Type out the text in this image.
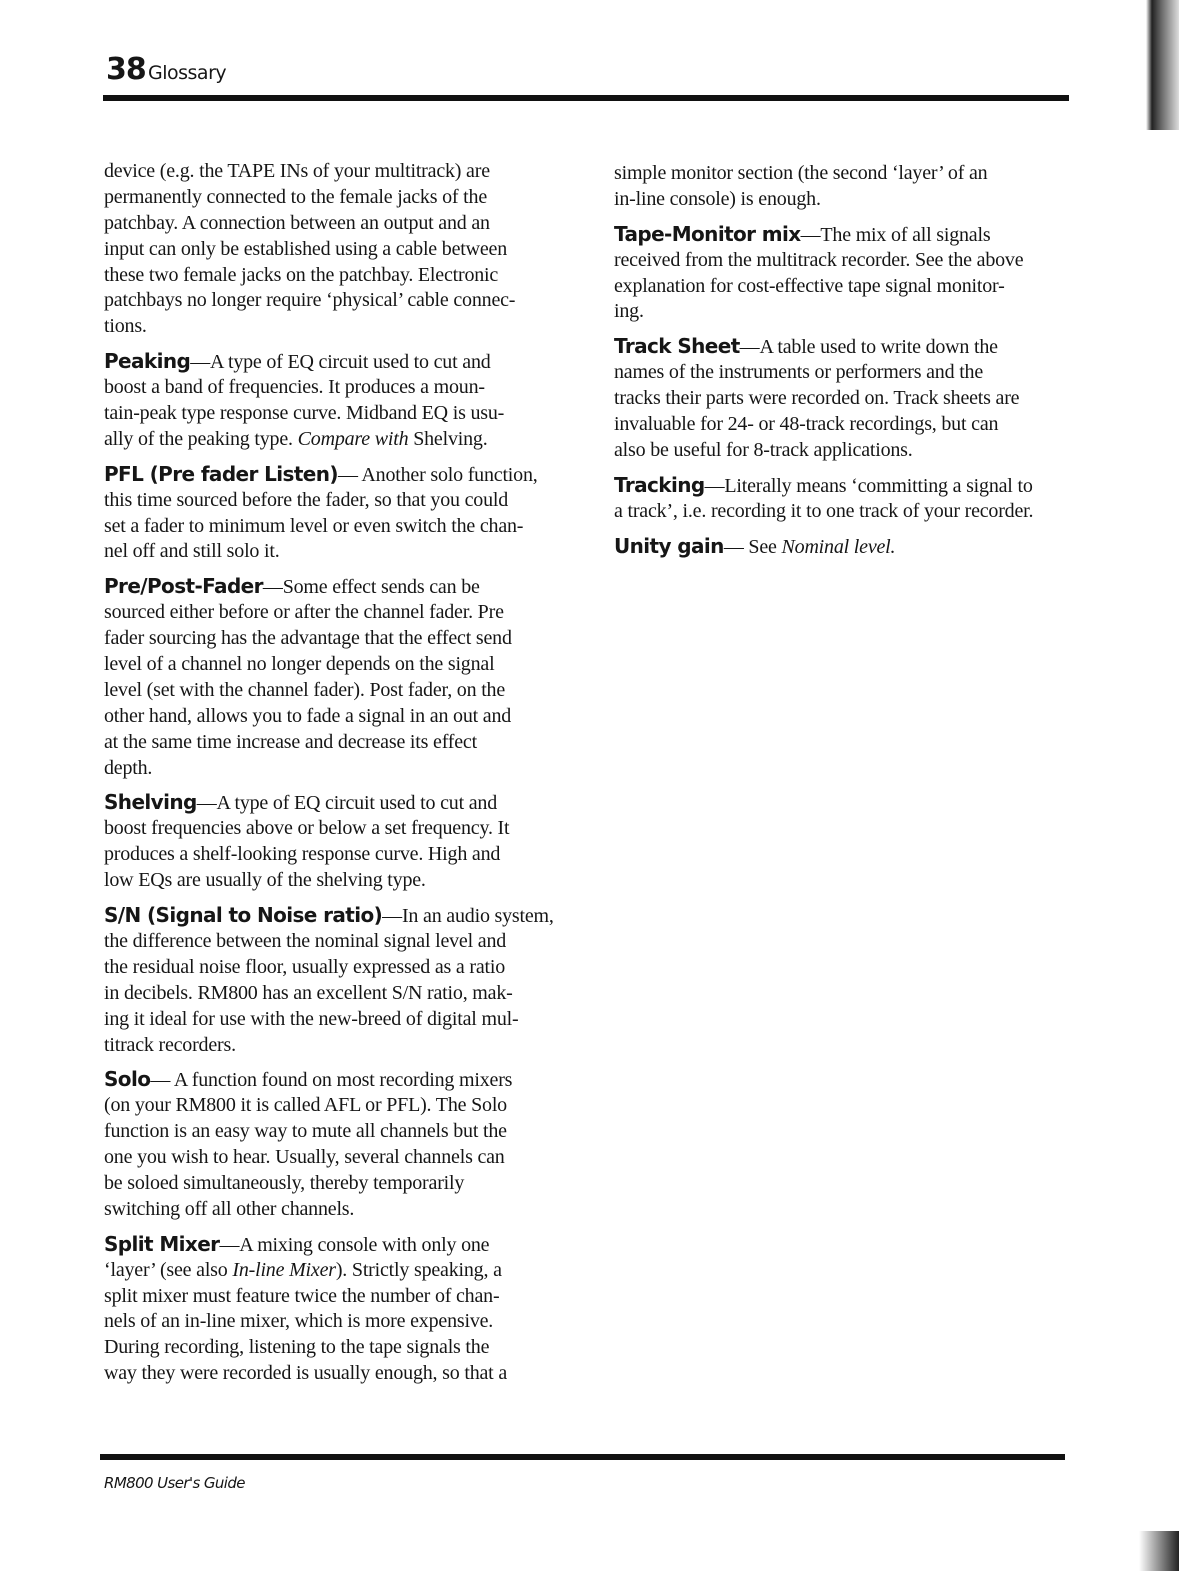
38 Glossary
device (e.g. the TAPE INs of your multitrack) are
permanently connected to the female jacks of the
patchbay. A connection between an output and an
input can only be established using a cable between
these two female jacks on the patchbay. Electronic
patchbays no longer require ‘physical’ cable connec-
tions.
Peaking—A type of EQ circuit used to cut and
boost a band of frequencies. It produces a moun-
tain-peak type response curve. Midband EQ is usu-
ally of the peaking type. Compare with Shelving.
PFL (Pre fader Listen)— Another solo function,
this time sourced before the fader, so that you could
set a fader to minimum level or even switch the chan-
nel off and still solo it.
Pre/Post-Fader—Some effect sends can be
sourced either before or after the channel fader. Pre
fader sourcing has the advantage that the effect send
level of a channel no longer depends on the signal
level (set with the channel fader). Post fader, on the
other hand, allows you to fade a signal in an out and
at the same time increase and decrease its effect
depth.
Shelving—A type of EQ circuit used to cut and
boost frequencies above or below a set frequency. It
produces a shelf-looking response curve. High and
low EQs are usually of the shelving type.
S/N (Signal to Noise ratio)—In an audio system,
the difference between the nominal signal level and
the residual noise floor, usually expressed as a ratio
in decibels. RM800 has an excellent S/N ratio, mak-
ing it ideal for use with the new-breed of digital mul-
titrack recorders.
Solo— A function found on most recording mixers
(on your RM800 it is called AFL or PFL). The Solo
function is an easy way to mute all channels but the
one you wish to hear. Usually, several channels can
be soloed simultaneously, thereby temporarily
switching off all other channels.
Split Mixer—A mixing console with only one
‘layer’ (see also In-line Mixer). Strictly speaking, a
split mixer must feature twice the number of chan-
nels of an in-line mixer, which is more expensive.
During recording, listening to the tape signals the
way they were recorded is usually enough, so that a
simple monitor section (the second ‘layer’ of an
in-line console) is enough.
Tape-Monitor mix—The mix of all signals
received from the multitrack recorder. See the above
explanation for cost-effective tape signal monitor-
ing.
Track Sheet—A table used to write down the
names of the instruments or performers and the
tracks their parts were recorded on. Track sheets are
invaluable for 24- or 48-track recordings, but can
also be useful for 8-track applications.
Tracking—Literally means ‘committing a signal to
a track’, i.e. recording it to one track of your recorder.
Unity gain— See Nominal level.
RM800 User's Guide
